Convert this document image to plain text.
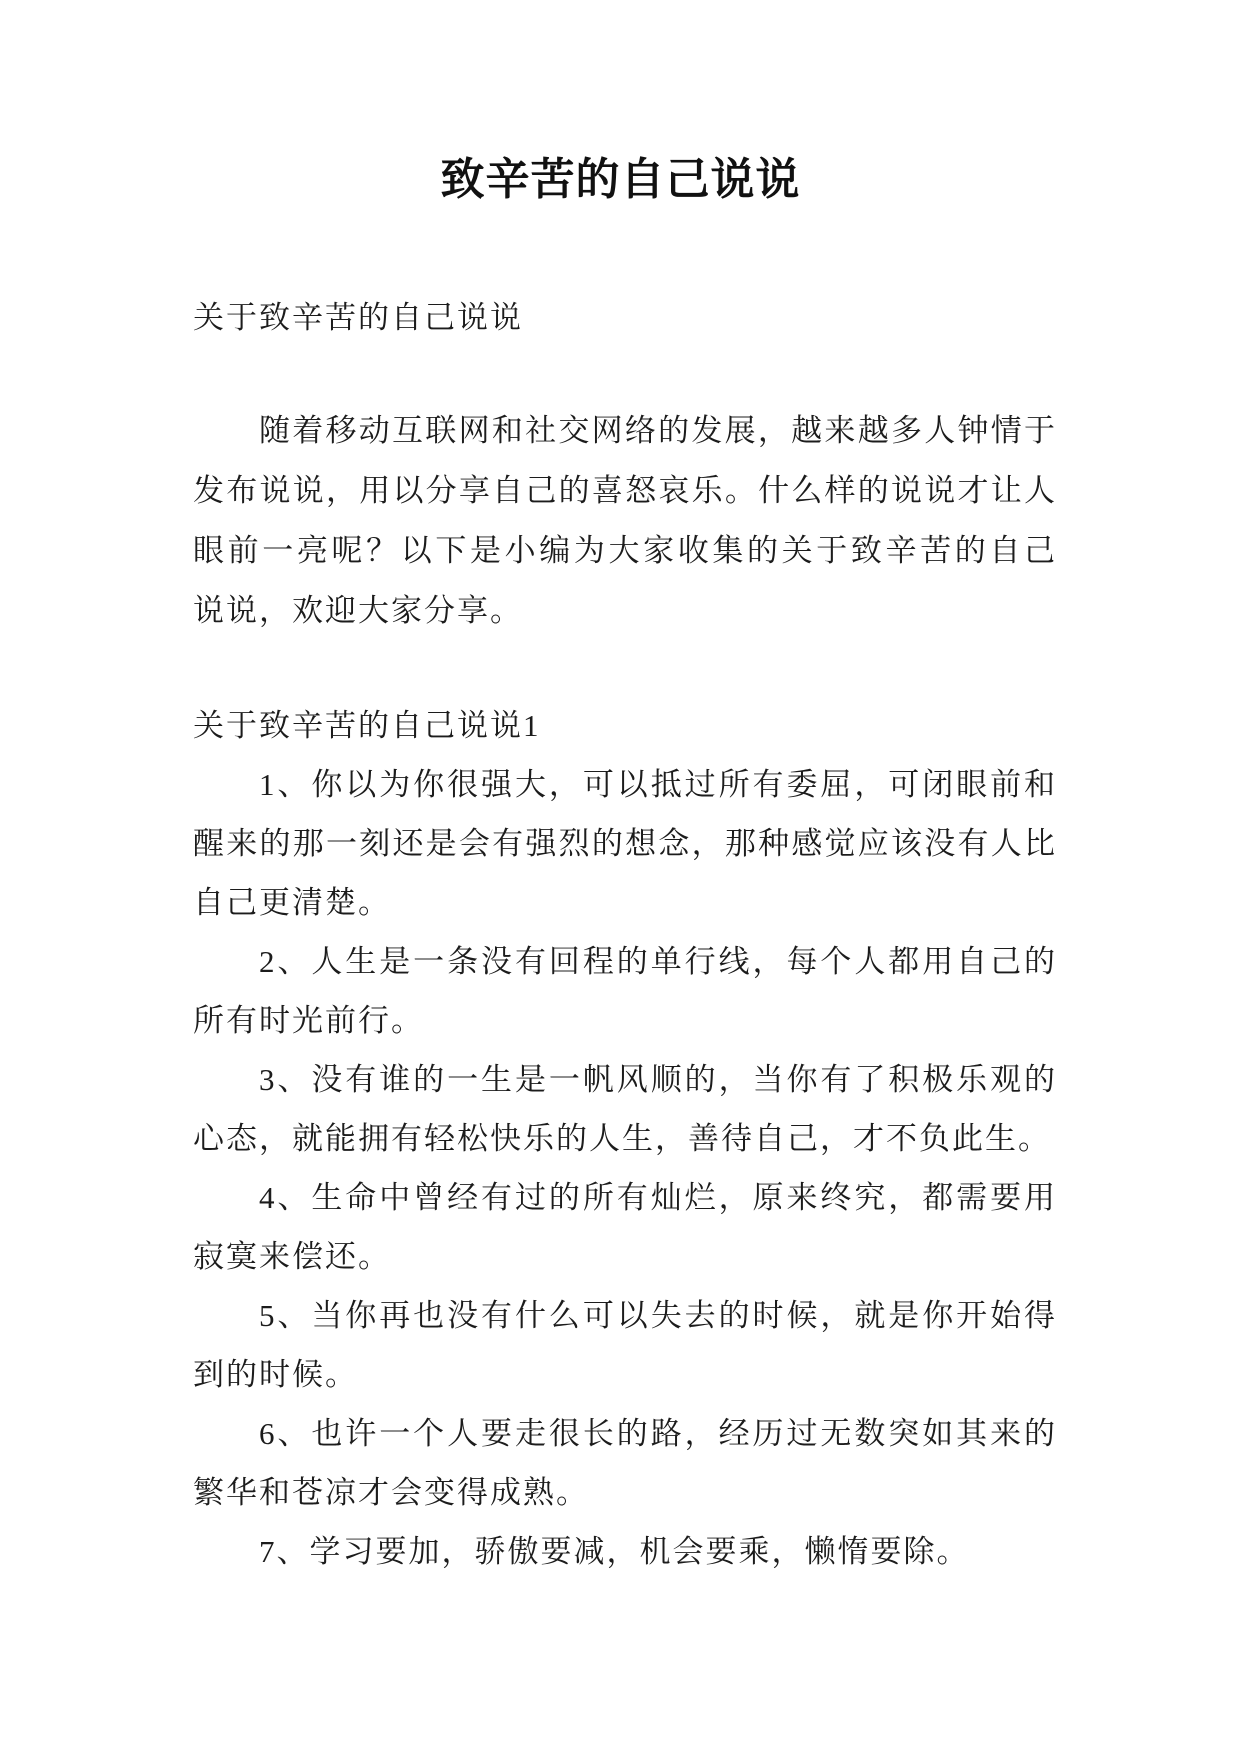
致辛苦的自己说说
关于致辛苦的自己说说
随着移动互联网和社交网络的发展，越来越多人钟情于
发布说说，用以分享自己的喜怒哀乐。什么样的说说才让人
眼前一亮呢？以下是小编为大家收集的关于致辛苦的自己
说说，欢迎大家分享。
关于致辛苦的自己说说1
1、你以为你很强大，可以抵过所有委屈，可闭眼前和
醒来的那一刻还是会有强烈的想念，那种感觉应该没有人比
自己更清楚。
2、人生是一条没有回程的单行线，每个人都用自己的
所有时光前行。
3、没有谁的一生是一帆风顺的，当你有了积极乐观的
心态，就能拥有轻松快乐的人生，善待自己，才不负此生。
4、生命中曾经有过的所有灿烂，原来终究，都需要用
寂寞来偿还。
5、当你再也没有什么可以失去的时候，就是你开始得
到的时候。
6、也许一个人要走很长的路，经历过无数突如其来的
繁华和苍凉才会变得成熟。
7、学习要加，骄傲要减，机会要乘，懒惰要除。
